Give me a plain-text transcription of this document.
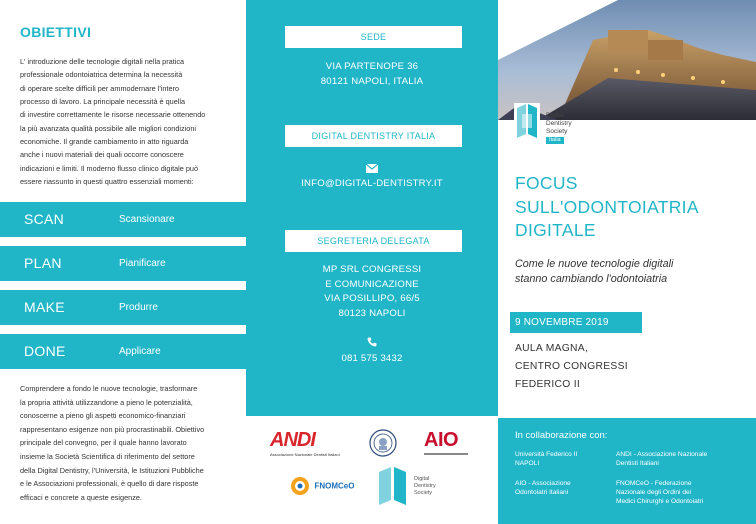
OBIETTIVI
L' introduzione delle tecnologie digitali nella pratica
professionale odontoiatrica determina la necessità
di operare scelte difficili per ammodernare l'intero
processo di lavoro. La principale necessità è quella
di investire correttamente le risorse necessarie ottenendo
la più avanzata qualità possibile alle migliori condizioni
economiche. Il grande cambiamento in atto riguarda
anche i nuovi materiali dei quali occorre conoscere
indicazioni e limiti. Il moderno flusso clinico digitale può
essere riassunto in questi quattro essenziali momenti:
SCAN	Scansionare
PLAN	Pianificare
MAKE	Produrre
DONE	Applicare
Comprendere a fondo le nuove tecnologie, trasformare
la propria attività utilizzandone a pieno le potenzialità,
conoscerne a pieno gli aspetti economico-finanziari
rappresentano esigenze non più procrastinabili. Obiettivo
principale del convegno, per il quale hanno lavorato
insieme la Società Scientifica di riferimento del settore
della Digital Dentistry, l'Università, le Istituzioni Pubbliche
e le Associazioni professionali, è quello di dare risposte
efficaci e concrete a queste esigenze.
SEDE
VIA PARTENOPE 36
80121 NAPOLI, ITALIA
DIGITAL DENTISTRY ITALIA
INFO@DIGITAL-DENTISTRY.IT
SEGRETERIA DELEGATA
MP SRL CONGRESSI
E COMUNICAZIONE
VIA POSILLIPO, 66/5
80123 NAPOLI
081 575 3432
Digital
Dentistry
Society
Italia
FOCUS
SULL'ODONTOIATRIA
DIGITALE
Come le nuove tecnologie digitali
stanno cambiando l'odontoiatria
9 NOVEMBRE 2019
AULA MAGNA,
CENTRO CONGRESSI
FEDERICO II
ANDI
Associazione Nazionale Dentisti Italiani
AIO
FNOMCeO
Digital
Dentistry
Society
In collaborazione con:
Università Federico II
NAPOLI
ANDI - Associazione Nazionale
Dentisti Italiani
AIO - Associazione
Odontoiatri Italiani
FNOMCeO - Federazione
Nazionale degli Ordini dei
Medici Chirurghi e Odontoiatri
